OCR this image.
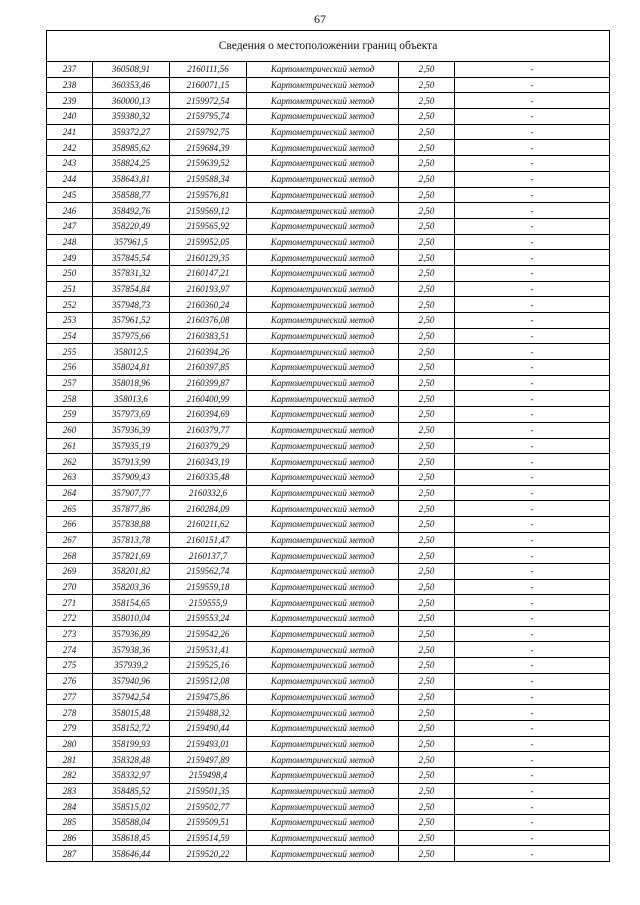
67
Сведения о местоположении границ объекта					
237	360508,91	2160111,56	Картометрический метод	2,50	-
238	360353,46	2160071,15	Картометрический метод	2,50	-
239	360000,13	2159972,54	Картометрический метод	2,50	-
240	359380,32	2159795,74	Картометрический метод	2,50	-
241	359372,27	2159792,75	Картометрический метод	2,50	-
242	358985,62	2159684,39	Картометрический метод	2,50	-
243	358824,25	2159639,52	Картометрический метод	2,50	-
244	358643,81	2159588,34	Картометрический метод	2,50	-
245	358588,77	2159576,81	Картометрический метод	2,50	-
246	358492,76	2159569,12	Картометрический метод	2,50	-
247	358220,49	2159565,92	Картометрический метод	2,50	-
248	357961,5	2159952,05	Картометрический метод	2,50	-
249	357845,54	2160129,35	Картометрический метод	2,50	-
250	357831,32	2160147,21	Картометрический метод	2,50	-
251	357854,84	2160193,97	Картометрический метод	2,50	-
252	357948,73	2160360,24	Картометрический метод	2,50	-
253	357961,52	2160376,08	Картометрический метод	2,50	-
254	357975,66	2160383,51	Картометрический метод	2,50	-
255	358012,5	2160394,26	Картометрический метод	2,50	-
256	358024,81	2160397,85	Картометрический метод	2,50	-
257	358018,96	2160399,87	Картометрический метод	2,50	-
258	358013,6	2160400,99	Картометрический метод	2,50	-
259	357973,69	2160394,69	Картометрический метод	2,50	-
260	357936,39	2160379,77	Картометрический метод	2,50	-
261	357935,19	2160379,29	Картометрический метод	2,50	-
262	357913,99	2160343,19	Картометрический метод	2,50	-
263	357909,43	2160335,48	Картометрический метод	2,50	-
264	357907,77	2160332,6	Картометрический метод	2,50	-
265	357877,86	2160284,09	Картометрический метод	2,50	-
266	357838,88	2160211,62	Картометрический метод	2,50	-
267	357813,78	2160151,47	Картометрический метод	2,50	-
268	357821,69	2160137,7	Картометрический метод	2,50	-
269	358201,82	2159562,74	Картометрический метод	2,50	-
270	358203,36	2159559,18	Картометрический метод	2,50	-
271	358154,65	2159555,9	Картометрический метод	2,50	-
272	358010,04	2159553,24	Картометрический метод	2,50	-
273	357936,89	2159542,26	Картометрический метод	2,50	-
274	357938,36	2159531,41	Картометрический метод	2,50	-
275	357939,2	2159525,16	Картометрический метод	2,50	-
276	357940,96	2159512,08	Картометрический метод	2,50	-
277	357942,54	2159475,86	Картометрический метод	2,50	-
278	358015,48	2159488,32	Картометрический метод	2,50	-
279	358152,72	2159490,44	Картометрический метод	2,50	-
280	358199,93	2159493,01	Картометрический метод	2,50	-
281	358328,48	2159497,89	Картометрический метод	2,50	-
282	358332,97	2159498,4	Картометрический метод	2,50	-
283	358485,52	2159501,35	Картометрический метод	2,50	-
284	358515,02	2159502,77	Картометрический метод	2,50	-
285	358588,04	2159509,51	Картометрический метод	2,50	-
286	358618,45	2159514,59	Картометрический метод	2,50	-
287	358646,44	2159520,22	Картометрический метод	2,50	-
